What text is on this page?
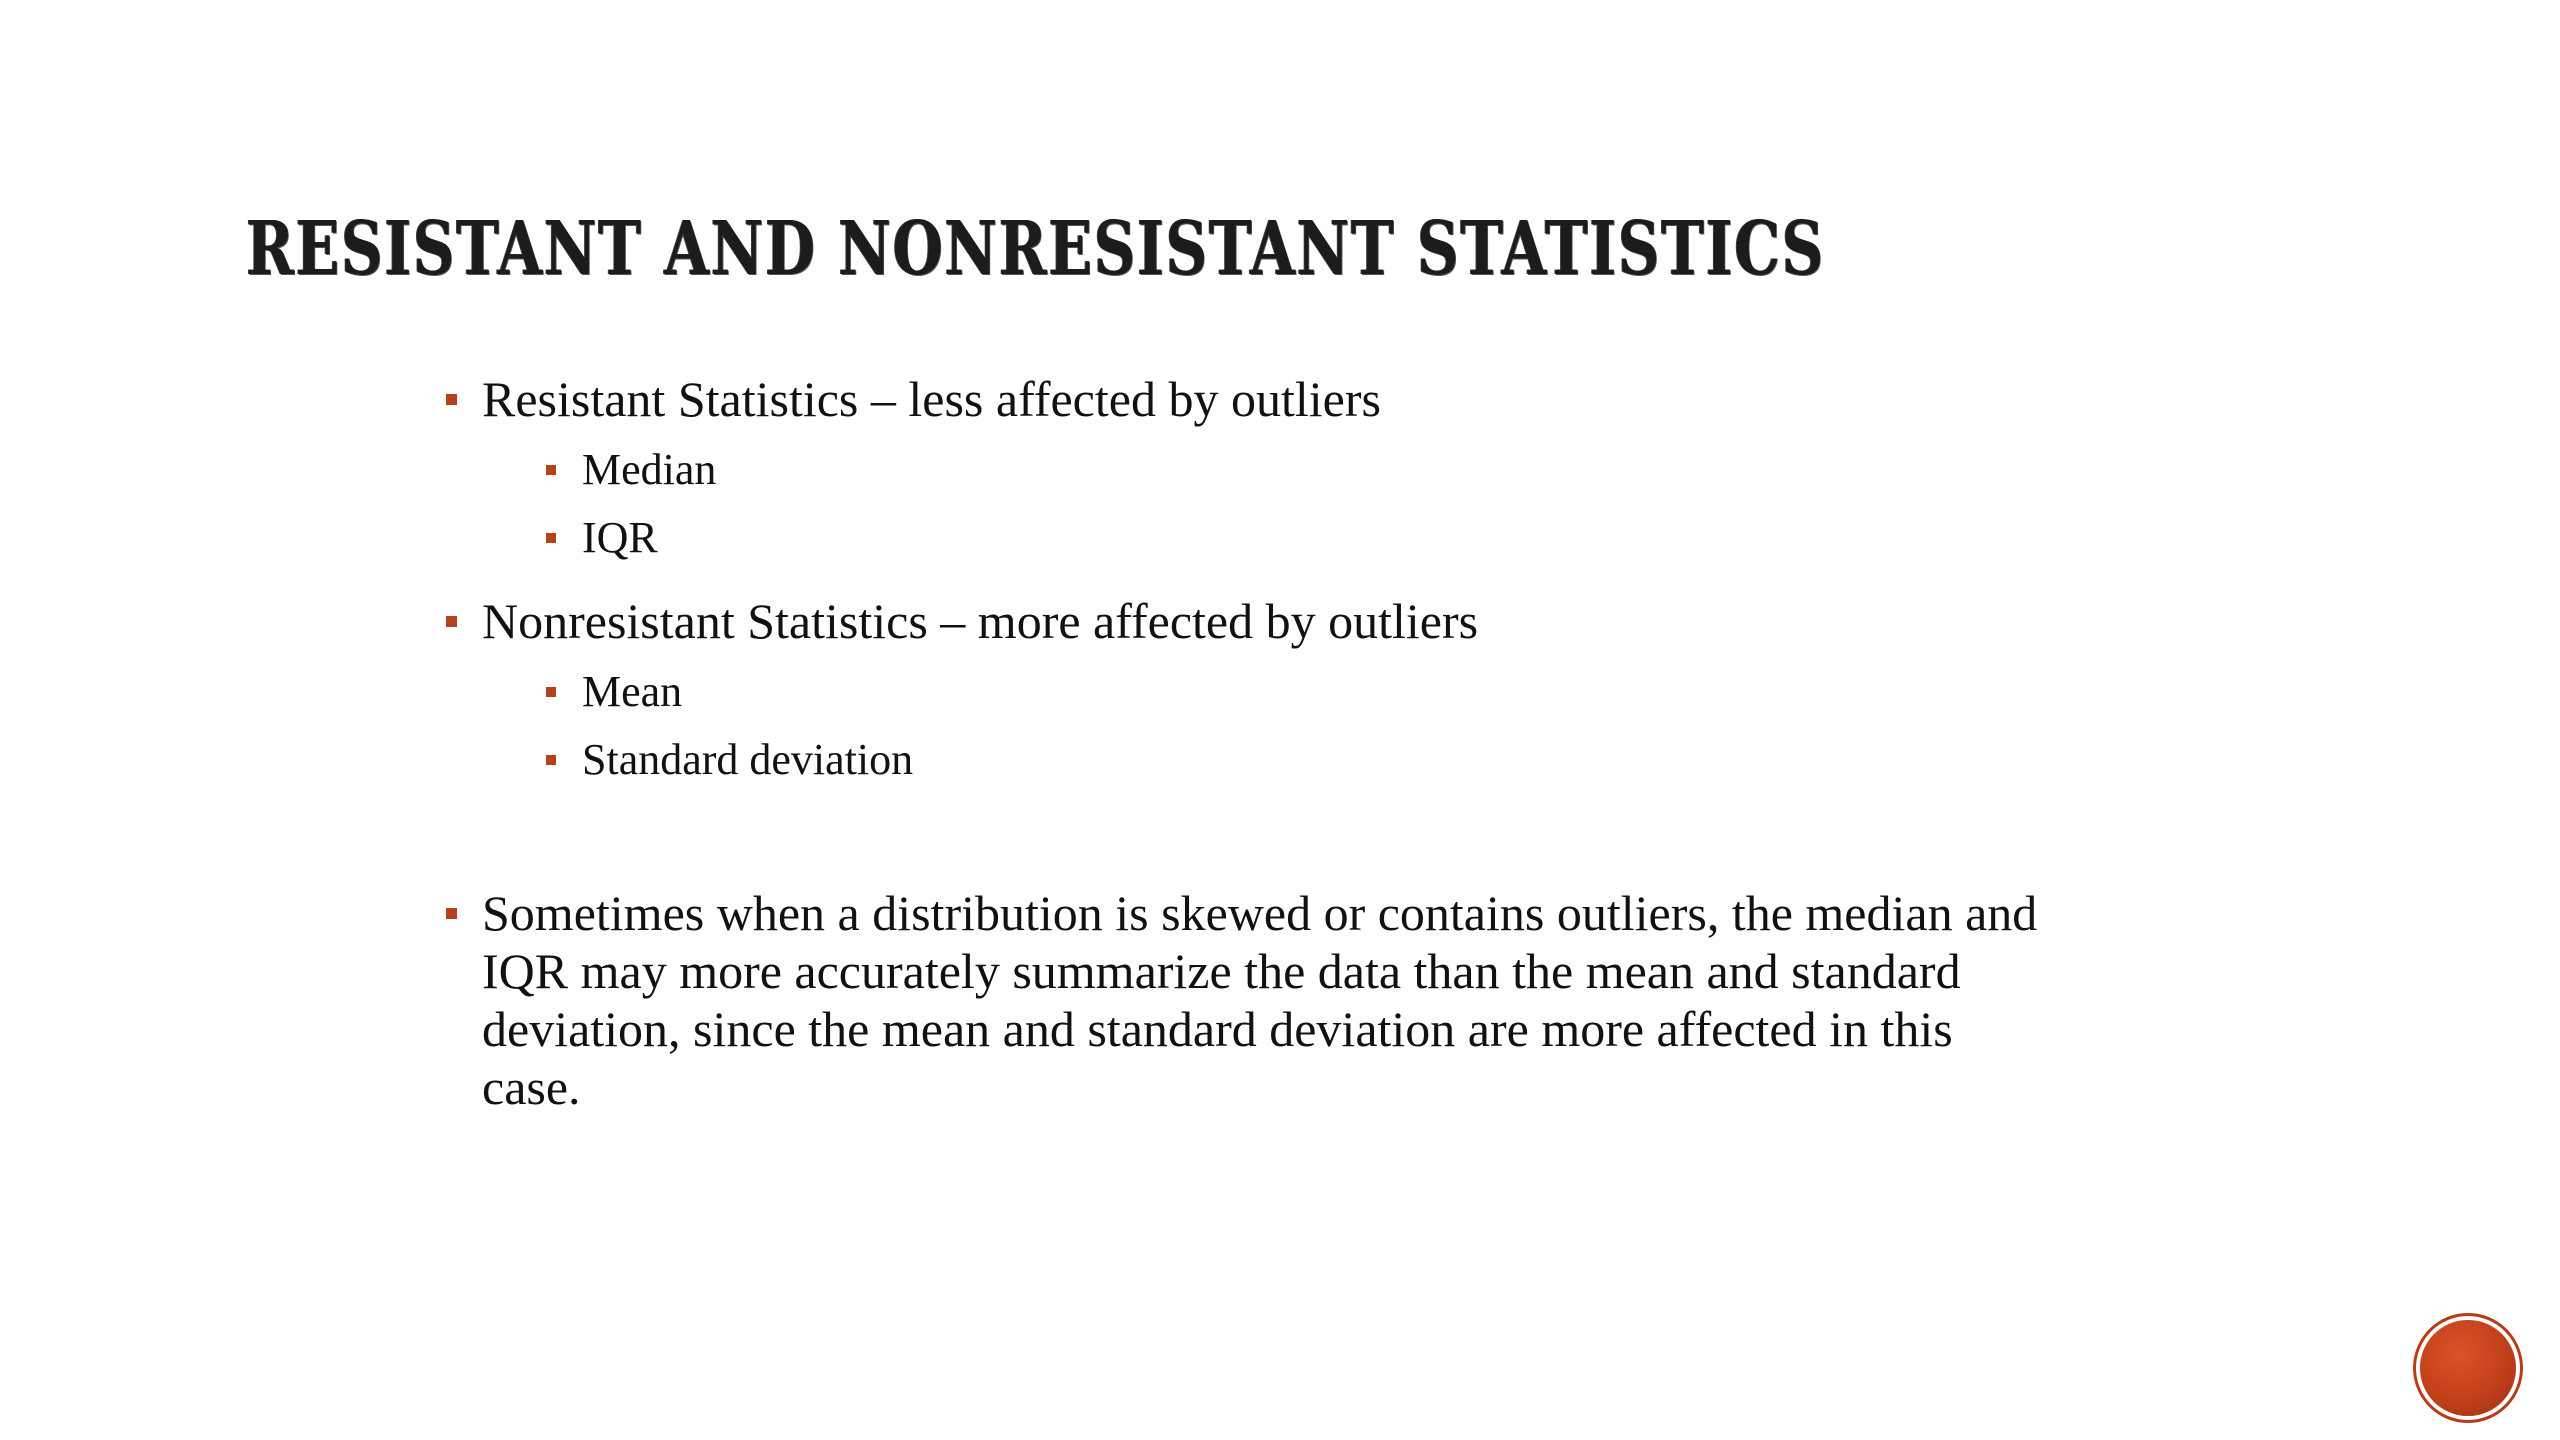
RESISTANT AND NONRESISTANT STATISTICS
Resistant Statistics – less affected by outliers
Median
IQR
Nonresistant Statistics – more affected by outliers
Mean
Standard deviation
Sometimes when a distribution is skewed or contains outliers, the median and IQR may more accurately summarize the data than the mean and standard deviation, since the mean and standard deviation are more affected in this case.
